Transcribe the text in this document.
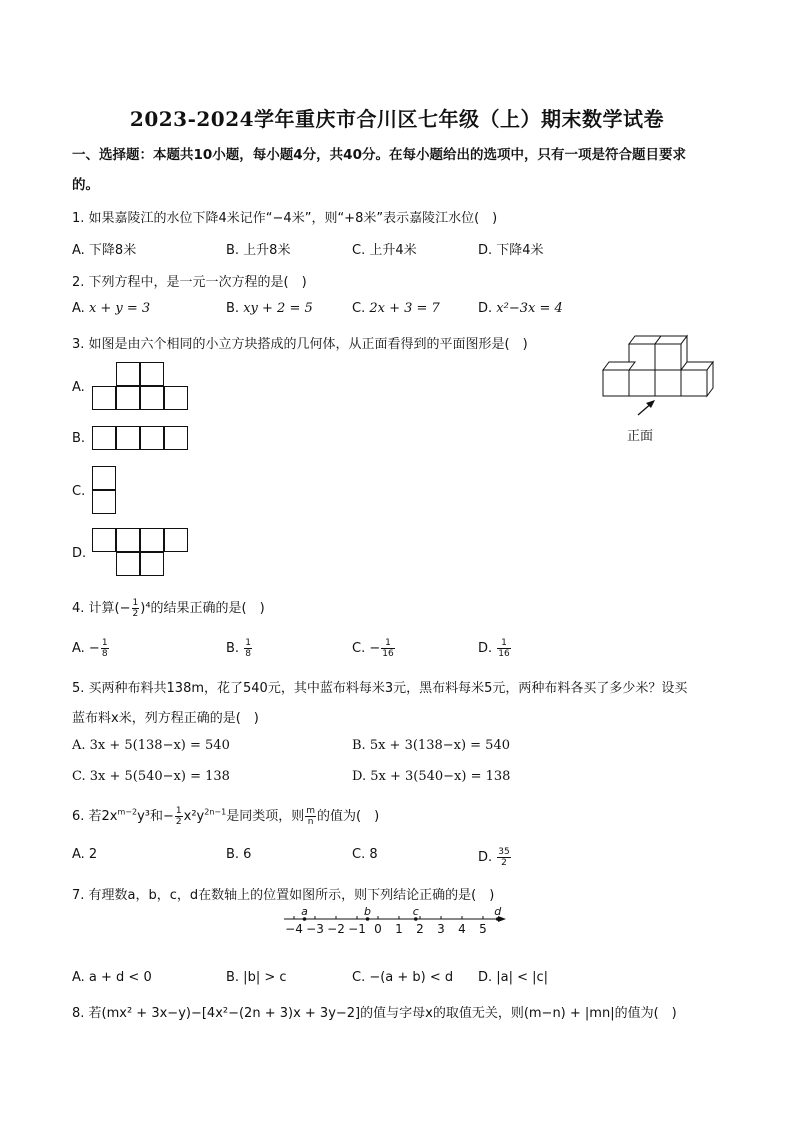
2023-2024学年重庆市合川区七年级（上）期末数学试卷
一、选择题：本题共10小题，每小题4分，共40分。在每小题给出的选项中，只有一项是符合题目要求
的。
1. 如果嘉陵江的水位下降4米记作“−4米”，则“+8米”表示嘉陵江水位(　)
A. 下降8米	B. 上升8米	C. 上升4米	D. 下降4米
2. 下列方程中，是一元一次方程的是(　)
A. x + y = 3	B. xy + 2 = 5	C. 2x + 3 = 7	D. x²−3x = 4
3. 如图是由六个相同的小立方块搭成的几何体，从正面看得到的平面图形是(　)
正面
A.
B.
C.
D.
4. 计算(− $\frac{1}{2} )^4$的结果正确的是(　)
A. − $\frac{1}{8}$	B. $\frac{1}{8}$	C. − $\frac{1}{16}$	D. $\frac{1}{16}$
5. 买两种布料共138m，花了540元，其中蓝布料每米3元，黑布料每米5元，两种布料各买了多少米？设买
蓝布料x米，列方程正确的是(　)
A. 3x + 5(138−x) = 540	B. 5x + 3(138−x) = 540
C. 3x + 5(540−x) = 138	D. 5x + 3(540−x) = 138
6. 若$2x^{m-2}y^3$和− $\frac{1}{2} x^2y^{2n-1}$是同类项，则 $\frac{m}{n}$ 的值为(　)
A. 2	B. 6	C. 8	D. $\frac{35}{2}$
7. 有理数a，b，c，d在数轴上的位置如图所示，则下列结论正确的是(　)
−4 −3 −2 −1 0 1 2 3 4 5
a	b	c	d
A. a + d < 0	B. |b| > c	C. −(a + b) < d D. |a| < |c|
8. 若(mx² + 3x−y)−[4x²−(2n + 3)x + 3y−2]的值与字母x的取值无关，则(m−n) + |mn|的值为(　)
